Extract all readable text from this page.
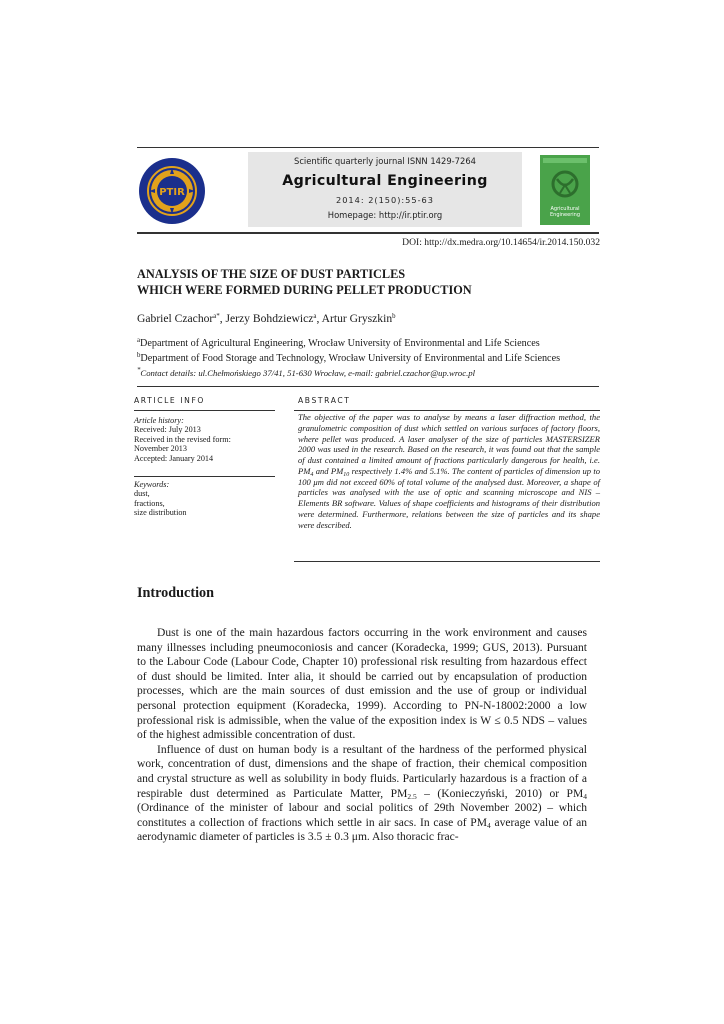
PTIR
Scientific quarterly journal ISNN 1429-7264
Agricultural Engineering
2014: 2(150):55-63
Homepage: http://ir.ptir.org
Agricultural Engineering
DOI: http://dx.medra.org/10.14654/ir.2014.150.032
ANALYSIS OF THE SIZE OF DUST PARTICLES
WHICH WERE FORMED DURING PELLET PRODUCTION
Gabriel Czachor$^{a*}$, Jerzy Bohdziewicz$^a$, Artur Gryszkin$^b$
$^a$Department of Agricultural Engineering, Wrocław University of Environmental and Life Sciences
$^b$Department of Food Storage and Technology, Wrocław University of Environmental and Life Sciences
*Contact details: ul.Chełmońskiego 37/41, 51-630 Wrocław, e-mail: gabriel.czachor@up.wroc.pl
ARTICLE INFO
Article history:
Received: July 2013
Received in the revised form:
November 2013
Accepted: January 2014
Keywords:
dust,
fractions,
size distribution
ABSTRACT
The objective of the paper was to analyse by means a laser diffraction method, the granulometric composition of dust which settled on various surfaces of factory floors, where pellet was produced. A laser analyser of the size of particles MASTERSIZER 2000 was used in the research. Based on the research, it was found out that the sample of dust contained a limited amount of fractions particularly dangerous for health, i.e. $PM_4$ and $PM_{10}$ respectively 1.4% and 5.1%. The content of particles of dimension up to 100 μm did not exceed 60% of total volume of the analysed dust. Moreover, a shape of particles was analysed with the use of optic and scanning microscope and NIS – Elements BR software. Values of shape coefficients and histograms of their distribution were determined. Furthermore, relations between the size of particles and its shape were described.
Introduction

Dust is one of the main hazardous factors occurring in the work environment and causes many illnesses including pneumoconiosis and cancer (Koradecka, 1999; GUS, 2013). Pursuant to the Labour Code (Labour Code, Chapter 10) professional risk resulting from hazardous effect of dust should be limited. Inter alia, it should be carried out by encapsulation of production processes, which are the main sources of dust emission and the use of group or individual personal protection equipment (Koradecka, 1999). According to PN-N-18002:2000 a low professional risk is admissible, when the value of the exposition index is W ≤ 0.5 NDS – values of the highest admissible concentration of dust.

Influence of dust on human body is a resultant of the hardness of the performed physical work, concentration of dust, dimensions and the shape of fraction, their chemical composition and crystal structure as well as solubility in body fluids. Particularly hazardous is a fraction of a respirable dust determined as Particulate Matter, $PM_{2.5}$ – (Konieczyński, 2010) or $PM_4$ (Ordinance of the minister of labour and social politics of 29th November 2002) – which constitutes a collection of fractions which settle in air sacs. In case of $PM_4$ average value of an aerodynamic diameter of particles is 3.5 ± 0.3 μm. Also thoracic frac-
